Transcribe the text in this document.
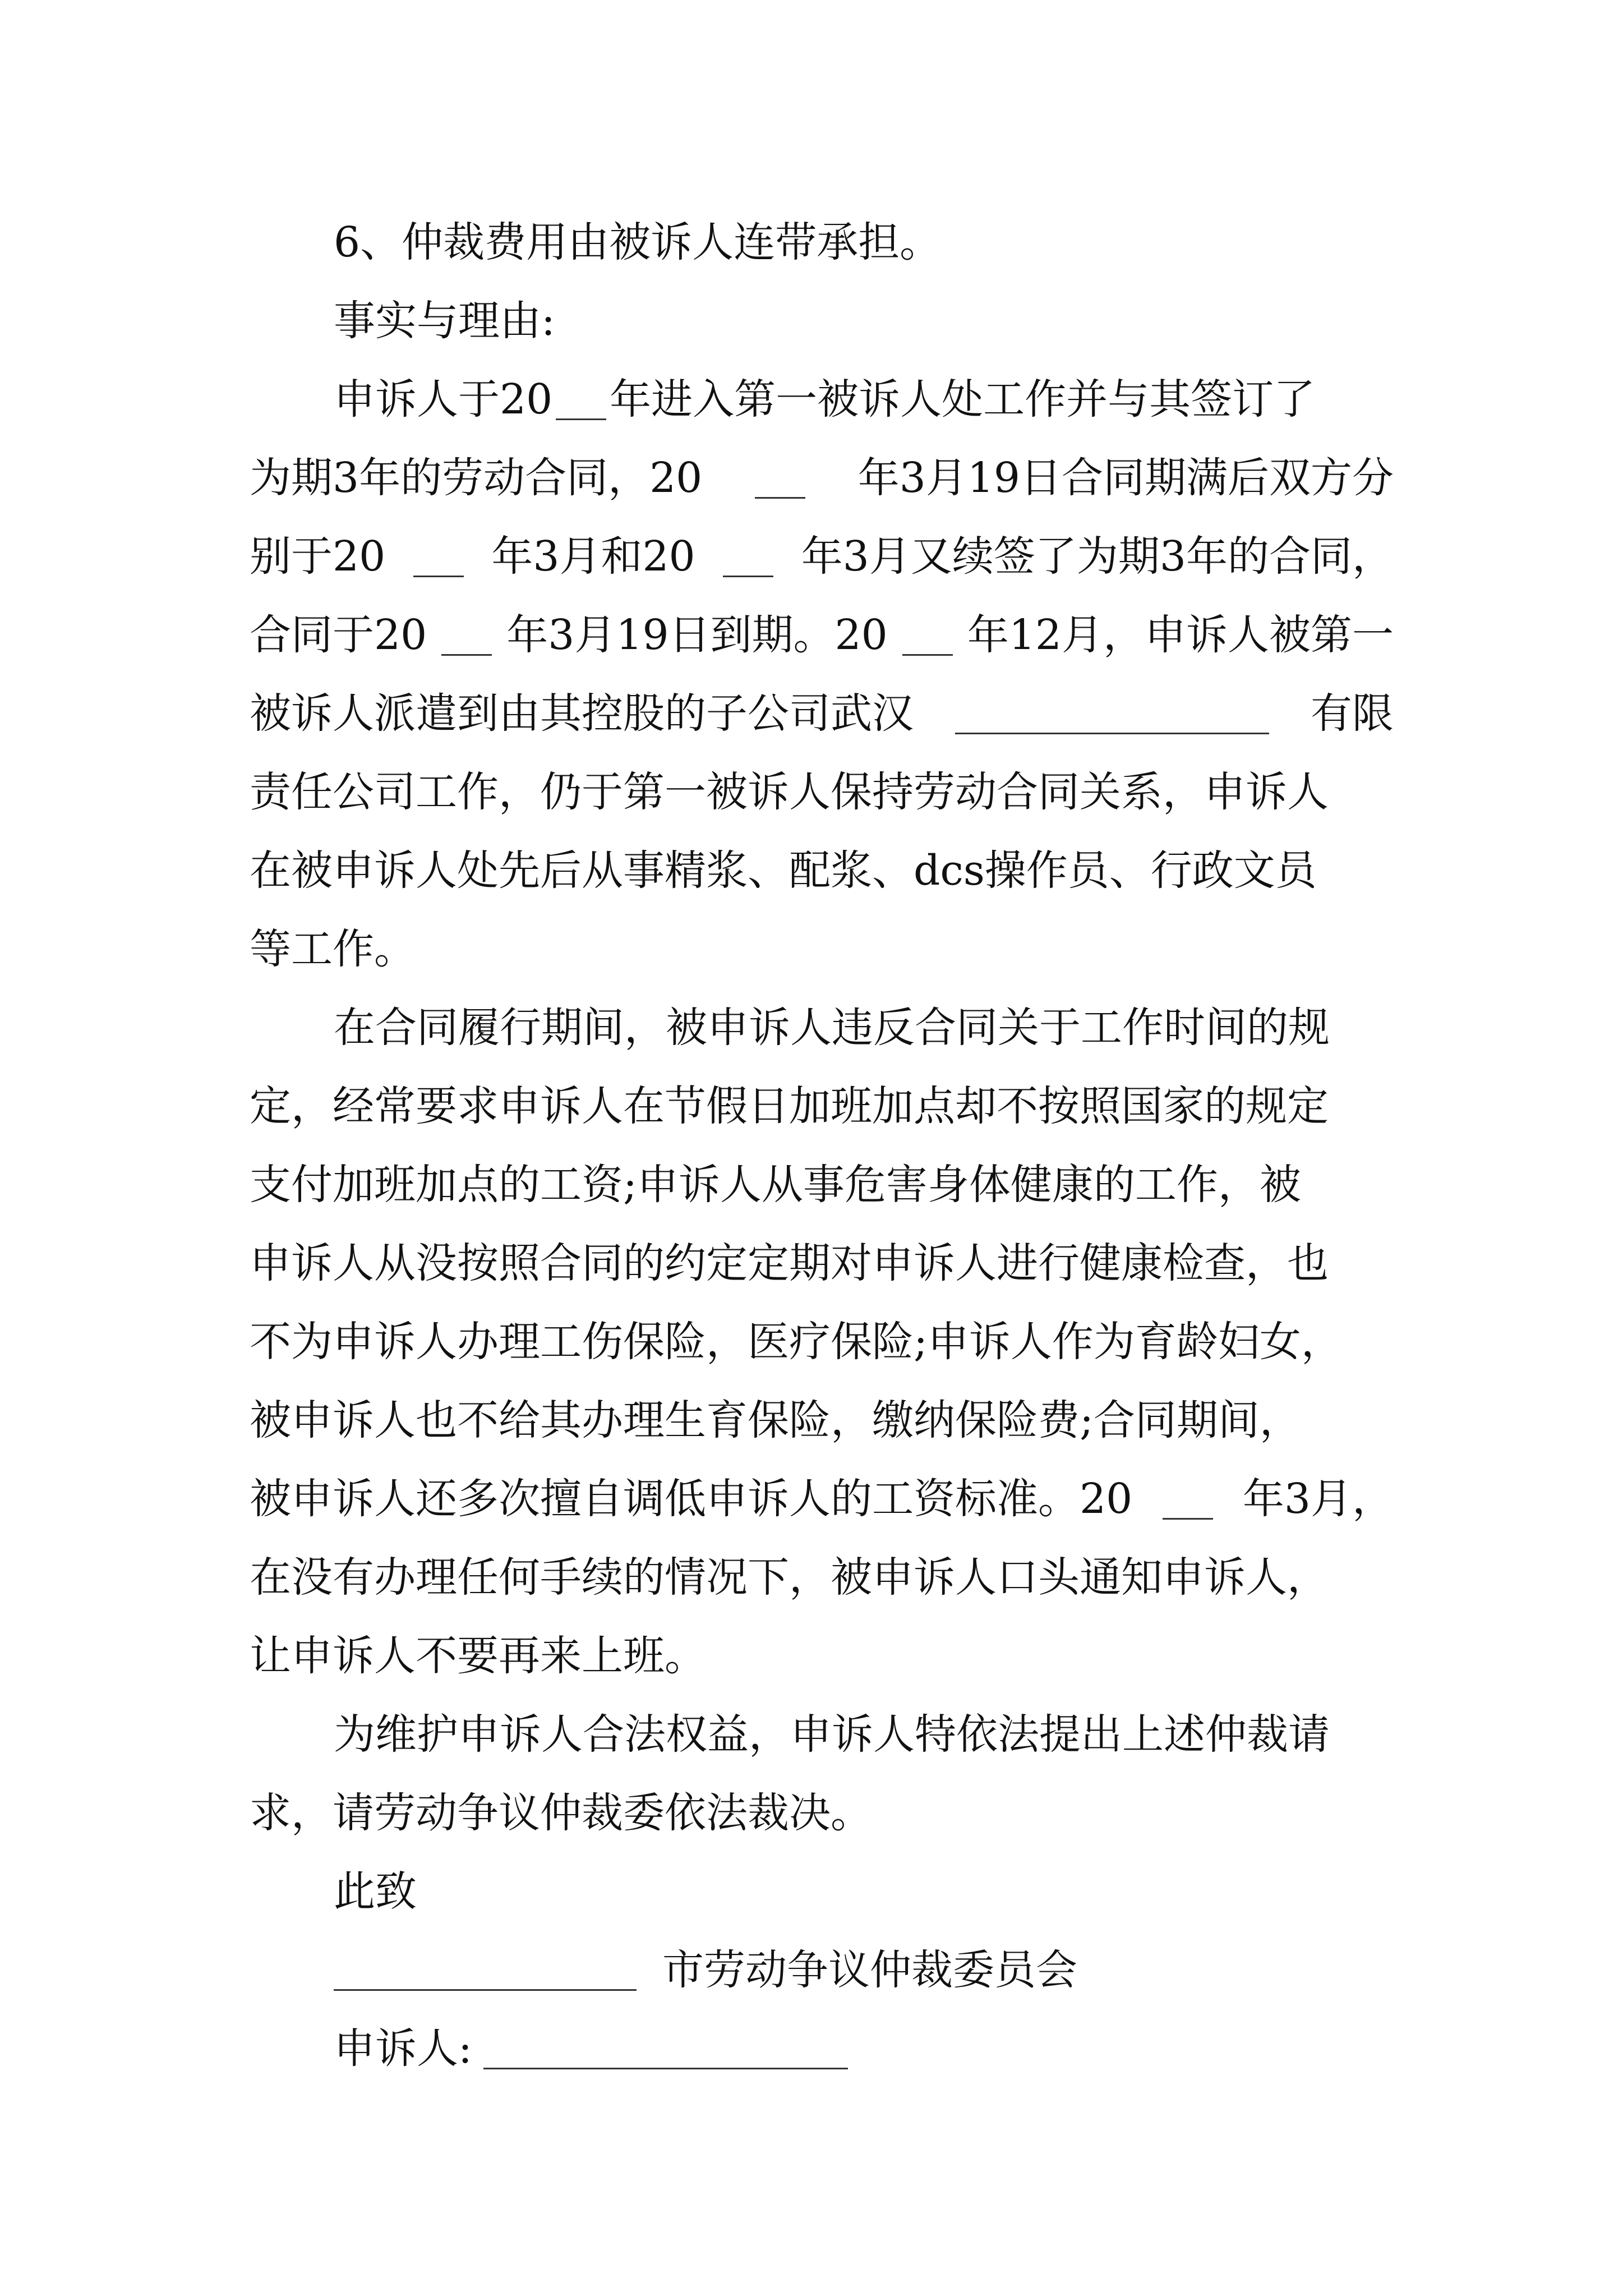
6、仲裁费用由被诉人连带承担。
事实与理由:
申诉人于20 年进入第一被诉人处工作并与其签订了
为期3年的劳动合同，20	年3月19日合同期满后双方分
别于20	年3月和20	年3月又续签了为期3年的合同，
合同于20 年3月19日到期。20 年12月，申诉人被第一
被诉人派遣到由其控股的子公司武汉	有限
责任公司工作，仍于第一被诉人保持劳动合同关系，申诉人
在被申诉人处先后从事精浆、配浆、dcs操作员、行政文员
等工作。
在合同履行期间，被申诉人违反合同关于工作时间的规
定，经常要求申诉人在节假日加班加点却不按照国家的规定
支付加班加点的工资;申诉人从事危害身体健康的工作，被
申诉人从没按照合同的约定定期对申诉人进行健康检查，也
不为申诉人办理工伤保险，医疗保险;申诉人作为育龄妇女，
被申诉人也不给其办理生育保险，缴纳保险费;合同期间，
被申诉人还多次擅自调低申诉人的工资标准。20	年3月，
在没有办理任何手续的情况下，被申诉人口头通知申诉人，
让申诉人不要再来上班。
为维护申诉人合法权益，申诉人特依法提出上述仲裁请
求，请劳动争议仲裁委依法裁决。
此致
市劳动争议仲裁委员会
申诉人:
